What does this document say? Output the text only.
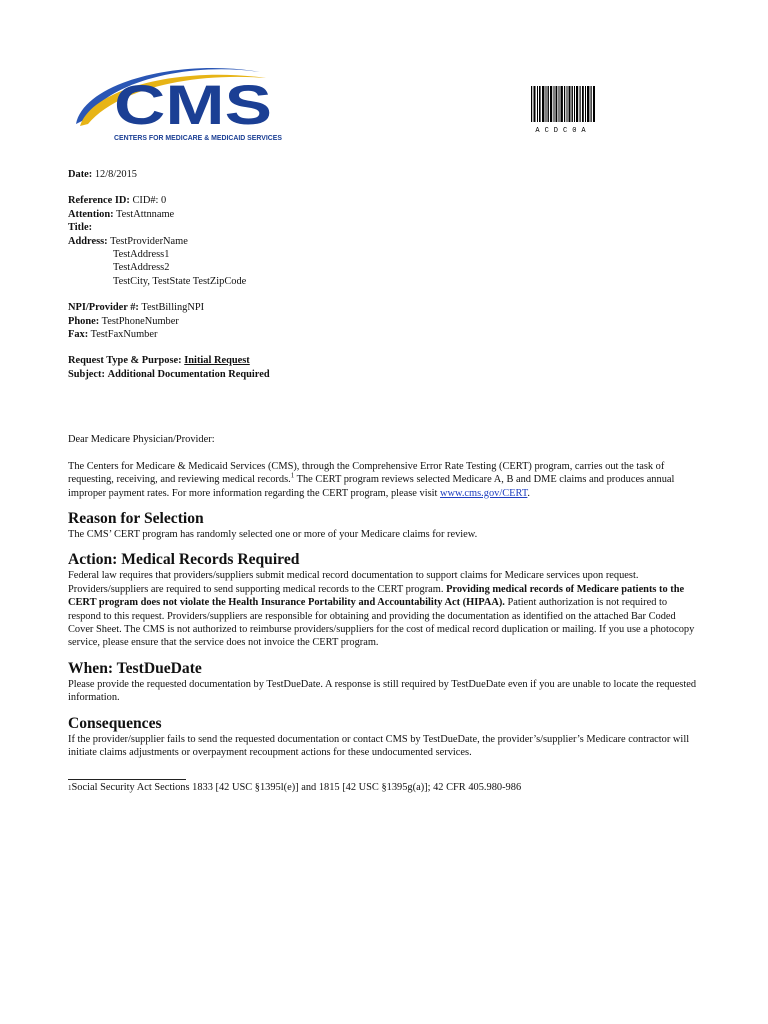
CMS
CENTERS FOR MEDICARE & MEDICAID SERVICES
ACDC0A
Date: 12/8/2015
Reference ID: CID#: 0
Attention: TestAttnname
Title:
Address: TestProviderName
TestAddress1
TestAddress2
TestCity, TestState TestZipCode
NPI/Provider #: TestBillingNPI
Phone: TestPhoneNumber
Fax: TestFaxNumber
Request Type & Purpose: Initial Request
Subject: Additional Documentation Required

Dear Medicare Physician/Provider:

The Centers for Medicare & Medicaid Services (CMS), through the Comprehensive Error Rate Testing (CERT) program, carries out the task of requesting, receiving, and reviewing medical records.$^1$ The CERT program reviews selected Medicare A, B and DME claims and produces annual improper payment rates. For more information regarding the CERT program, please visit www.cms.gov/CERT.

Reason for Selection

The CMS’ CERT program has randomly selected one or more of your Medicare claims for review.

Action: Medical Records Required

Federal law requires that providers/suppliers submit medical record documentation to support claims for Medicare services upon request. Providers/suppliers are required to send supporting medical records to the CERT program. Providing medical records of Medicare patients to the CERT program does not violate the Health Insurance Portability and Accountability Act (HIPAA). Patient authorization is not required to respond to this request. Providers/suppliers are responsible for obtaining and providing the documentation as identified on the attached Bar Coded Cover Sheet. The CMS is not authorized to reimburse providers/suppliers for the cost of medical record duplication or mailing. If you use a photocopy service, please ensure that the service does not invoice the CERT program.

When: TestDueDate

Please provide the requested documentation by TestDueDate. A response is still required by TestDueDate even if you are unable to locate the requested information.

Consequences

If the provider/supplier fails to send the requested documentation or contact CMS by TestDueDate, the provider’s/supplier’s Medicare contractor will initiate claims adjustments or overpayment recoupment actions for these undocumented services.

1Social Security Act Sections 1833 [42 USC §1395l(e)] and 1815 [42 USC §1395g(a)]; 42 CFR 405.980-986
